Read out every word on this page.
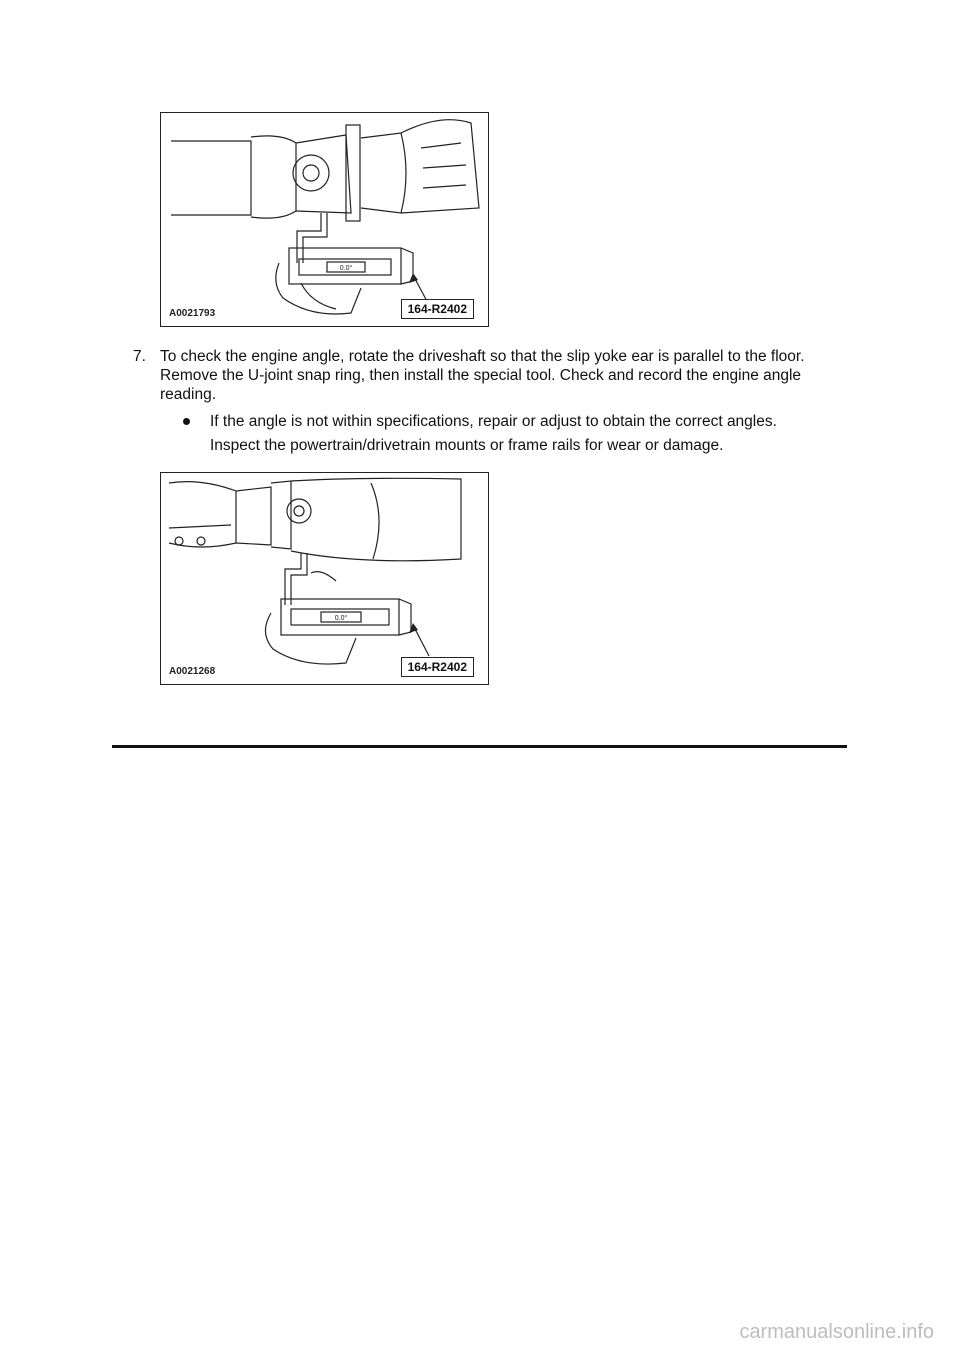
0.0°
A0021793	164-R2402
7. To check the engine angle, rotate the driveshaft so that the slip yoke ear is parallel to the floor. Remove the U-joint snap ring, then install the special tool. Check and record the engine angle reading.
If the angle is not within specifications, repair or adjust to obtain the correct angles.
Inspect the powertrain/drivetrain mounts or frame rails for wear or damage.
0.0°
A0021268	164-R2402
carmanualsonline.info
